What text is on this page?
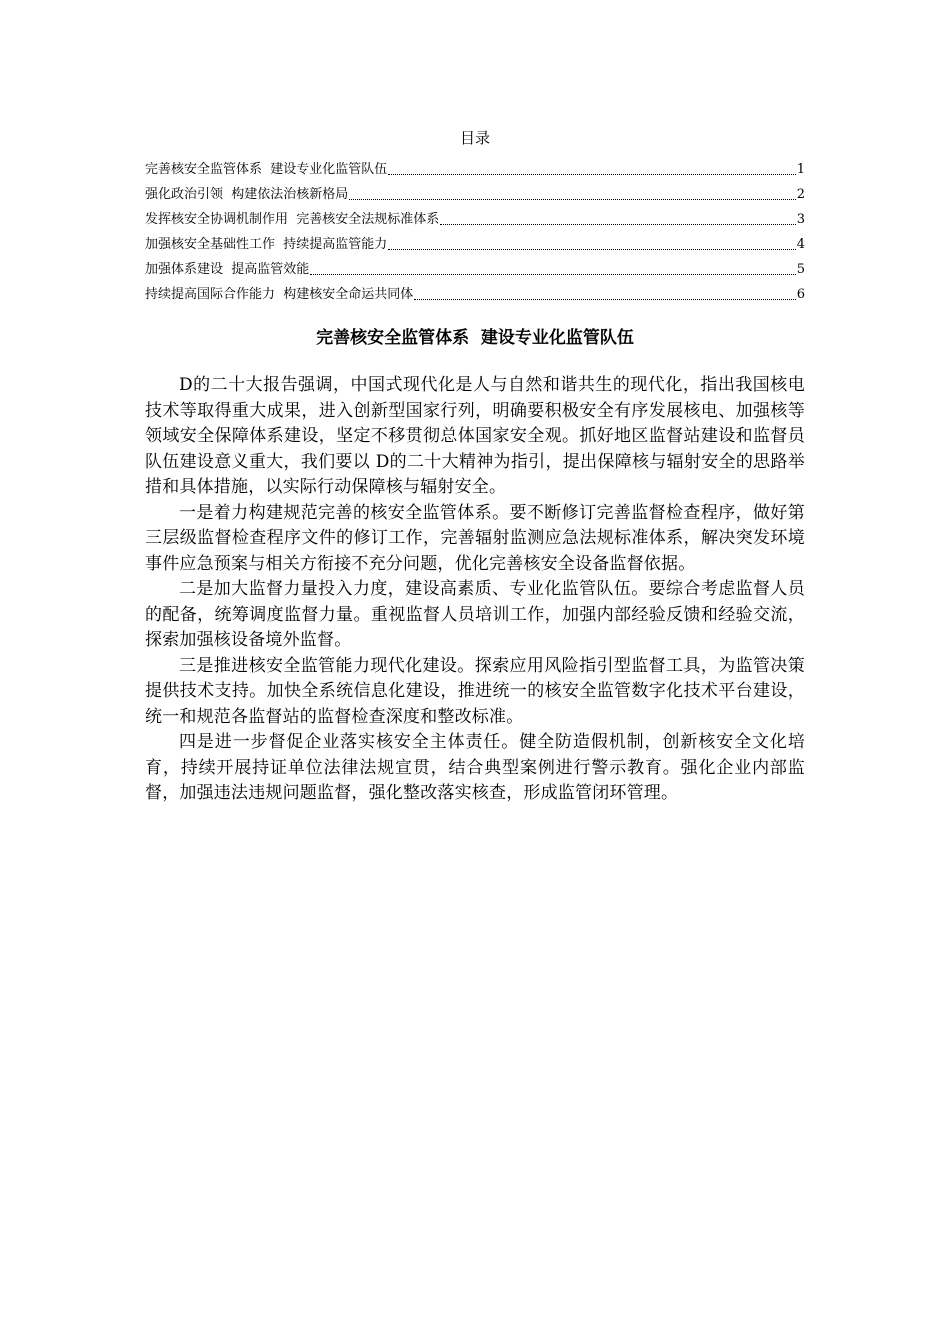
目录
完善核安全监管体系  建设专业化监管队伍	1
强化政治引领  构建依法治核新格局	2
发挥核安全协调机制作用  完善核安全法规标准体系	3
加强核安全基础性工作  持续提高监管能力	4
加强体系建设  提高监管效能	5
持续提高国际合作能力  构建核安全命运共同体	6
完善核安全监管体系  建设专业化监管队伍

D的二十大报告强调，中国式现代化是人与自然和谐共生的现代化，指出我国核电技术等取得重大成果，进入创新型国家行列，明确要积极安全有序发展核电、加强核等领域安全保障体系建设，坚定不移贯彻总体国家安全观。抓好地区监督站建设和监督员队伍建设意义重大，我们要以 D的二十大精神为指引，提出保障核与辐射安全的思路举措和具体措施，以实际行动保障核与辐射安全。

一是着力构建规范完善的核安全监管体系。要不断修订完善监督检查程序，做好第三层级监督检查程序文件的修订工作，完善辐射监测应急法规标准体系，解决突发环境事件应急预案与相关方衔接不充分问题，优化完善核安全设备监督依据。

二是加大监督力量投入力度，建设高素质、专业化监管队伍。要综合考虑监督人员的配备，统筹调度监督力量。重视监督人员培训工作，加强内部经验反馈和经验交流，探索加强核设备境外监督。

三是推进核安全监管能力现代化建设。探索应用风险指引型监督工具，为监管决策提供技术支持。加快全系统信息化建设，推进统一的核安全监管数字化技术平台建设，统一和规范各监督站的监督检查深度和整改标准。

四是进一步督促企业落实核安全主体责任。健全防造假机制，创新核安全文化培育，持续开展持证单位法律法规宣贯，结合典型案例进行警示教育。强化企业内部监督，加强违法违规问题监督，强化整改落实核查，形成监管闭环管理。
